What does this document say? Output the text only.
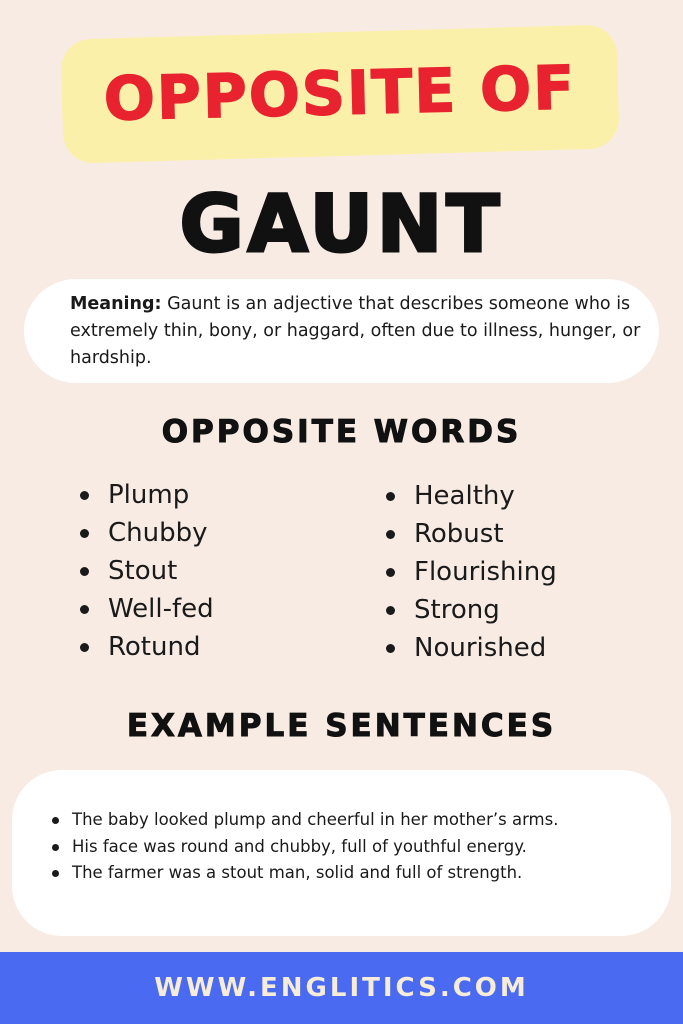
OPPOSITE OF
GAUNT
Meaning: Gaunt is an adjective that describes someone who is extremely thin, bony, or haggard, often due to illness, hunger, or hardship.
OPPOSITE WORDS
Plump
Chubby
Stout
Well-fed
Rotund
Healthy
Robust
Flourishing
Strong
Nourished
EXAMPLE SENTENCES
The baby looked plump and cheerful in her mother’s arms.
His face was round and chubby, full of youthful energy.
The farmer was a stout man, solid and full of strength.
WWW.ENGLITICS.COM
